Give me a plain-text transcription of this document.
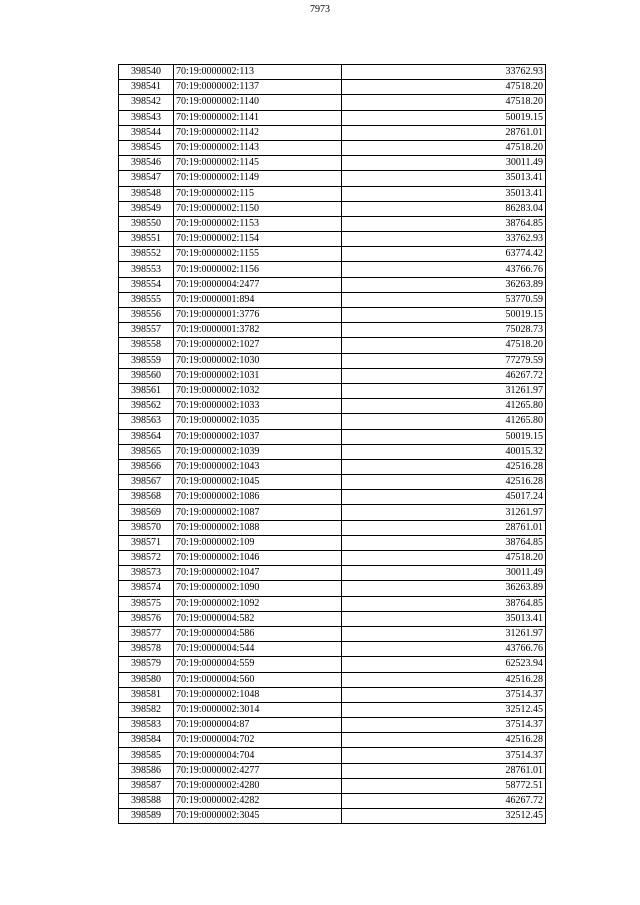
7973
398540	70:19:0000002:113	33762.93
398541	70:19:0000002:1137	47518.20
398542	70:19:0000002:1140	47518.20
398543	70:19:0000002:1141	50019.15
398544	70:19:0000002:1142	28761.01
398545	70:19:0000002:1143	47518.20
398546	70:19:0000002:1145	30011.49
398547	70:19:0000002:1149	35013.41
398548	70:19:0000002:115	35013.41
398549	70:19:0000002:1150	86283.04
398550	70:19:0000002:1153	38764.85
398551	70:19:0000002:1154	33762.93
398552	70:19:0000002:1155	63774.42
398553	70:19:0000002:1156	43766.76
398554	70:19:0000004:2477	36263.89
398555	70:19:0000001:894	53770.59
398556	70:19:0000001:3776	50019.15
398557	70:19:0000001:3782	75028.73
398558	70:19:0000002:1027	47518.20
398559	70:19:0000002:1030	77279.59
398560	70:19:0000002:1031	46267.72
398561	70:19:0000002:1032	31261.97
398562	70:19:0000002:1033	41265.80
398563	70:19:0000002:1035	41265.80
398564	70:19:0000002:1037	50019.15
398565	70:19:0000002:1039	40015.32
398566	70:19:0000002:1043	42516.28
398567	70:19:0000002:1045	42516.28
398568	70:19:0000002:1086	45017.24
398569	70:19:0000002:1087	31261.97
398570	70:19:0000002:1088	28761.01
398571	70:19:0000002:109	38764.85
398572	70:19:0000002:1046	47518.20
398573	70:19:0000002:1047	30011.49
398574	70:19:0000002:1090	36263.89
398575	70:19:0000002:1092	38764.85
398576	70:19:0000004:582	35013.41
398577	70:19:0000004:586	31261.97
398578	70:19:0000004:544	43766.76
398579	70:19:0000004:559	62523.94
398580	70:19:0000004:560	42516.28
398581	70:19:0000002:1048	37514.37
398582	70:19:0000002:3014	32512.45
398583	70:19:0000004:87	37514.37
398584	70:19:0000004:702	42516.28
398585	70:19:0000004:704	37514.37
398586	70:19:0000002:4277	28761.01
398587	70:19:0000002:4280	58772.51
398588	70:19:0000002:4282	46267.72
398589	70:19:0000002:3045	32512.45
